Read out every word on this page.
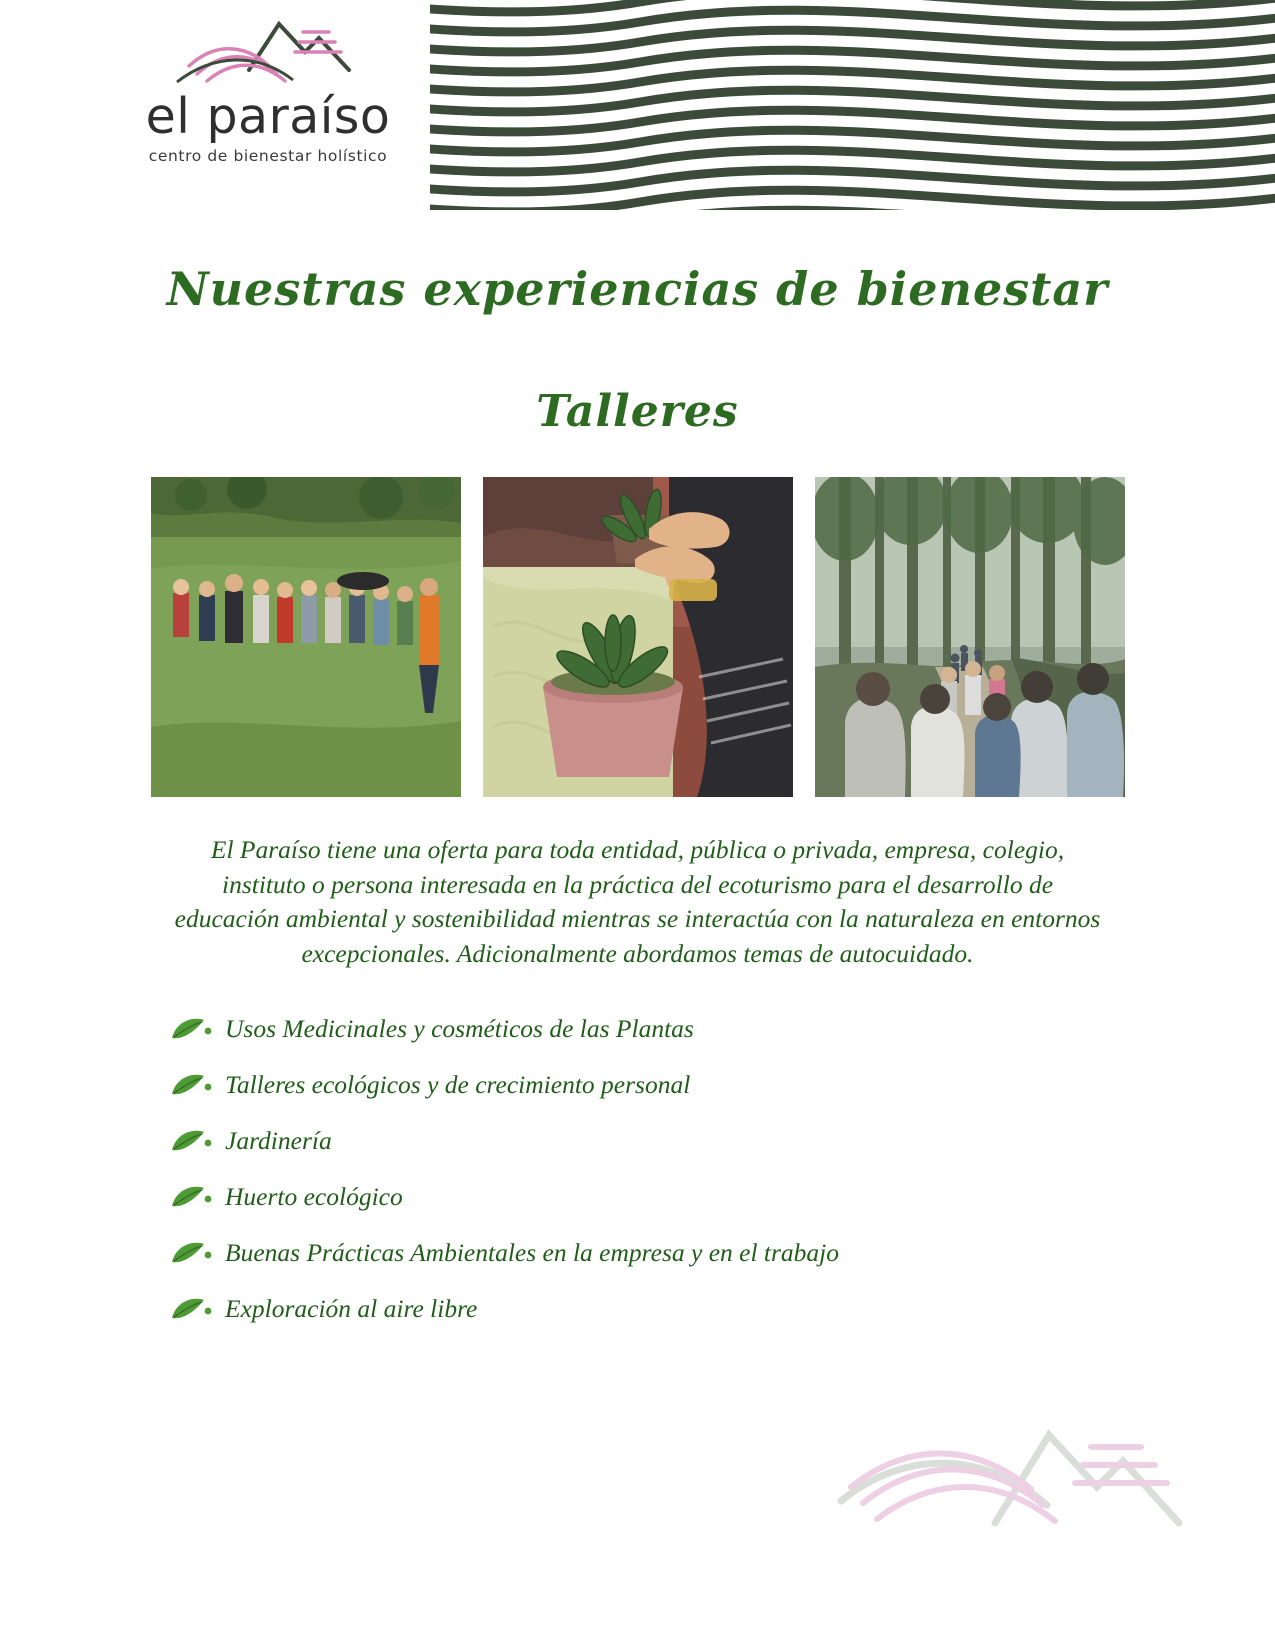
el paraíso
centro de bienestar holístico
Nuestras experiencias de bienestar
Talleres

El Paraíso tiene una oferta para toda entidad, pública o privada, empresa, colegio, instituto o persona interesada en la práctica del ecoturismo para el desarrollo de educación ambiental y sostenibilidad mientras se interactúa con la naturaleza en entornos excepcionales. Adicionalmente abordamos temas de autocuidado.

Usos Medicinales y cosméticos de las Plantas
Talleres ecológicos y de crecimiento personal
Jardinería
Huerto ecológico
Buenas Prácticas Ambientales en la empresa y en el trabajo
Exploración al aire libre
